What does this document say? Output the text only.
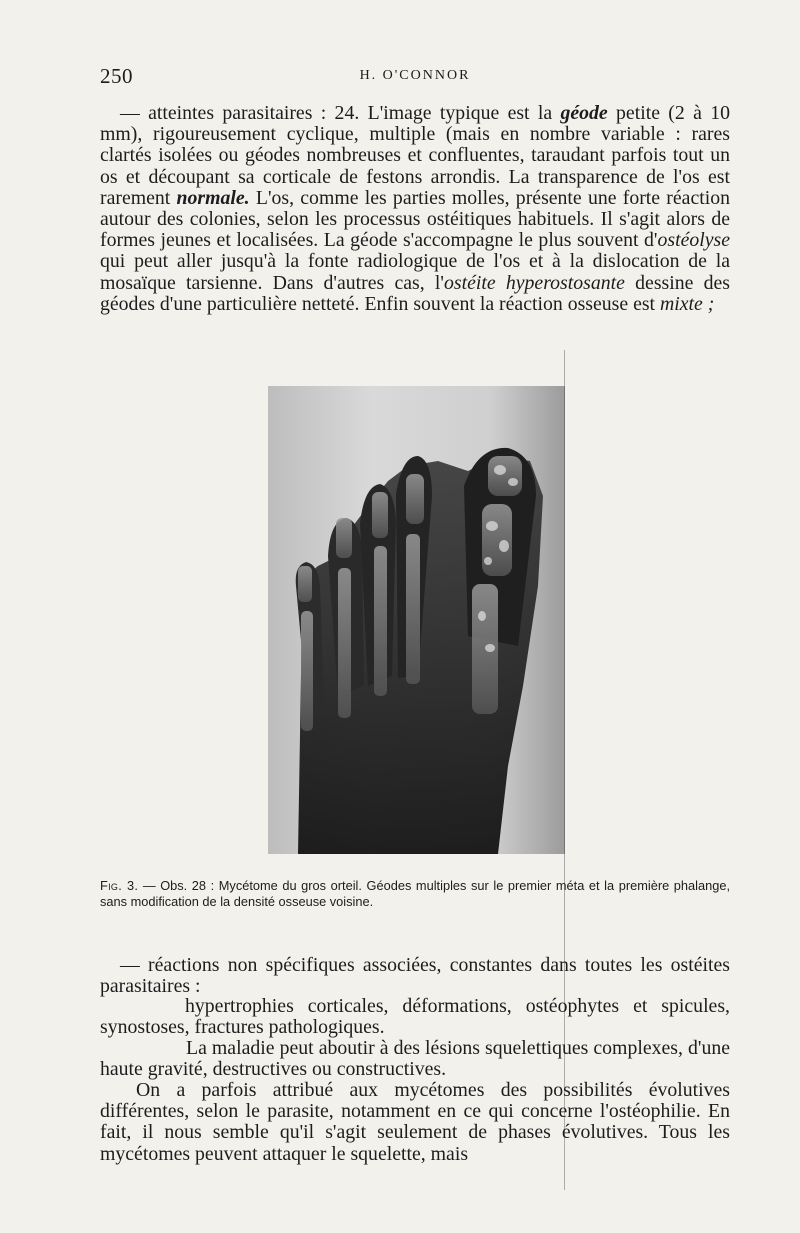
250	H. O'CONNOR

— atteintes parasitaires : 24. L'image typique est la géode petite (2 à 10 mm), rigoureusement cyclique, multiple (mais en nombre variable : rares clartés isolées ou géodes nombreuses et confluentes, taraudant parfois tout un os et découpant sa corticale de festons arrondis. La transparence de l'os est rarement normale. L'os, comme les parties molles, présente une forte réaction autour des colonies, selon les processus ostéitiques habituels. Il s'agit alors de formes jeunes et localisées. La géode s'accompagne le plus souvent d'ostéolyse qui peut aller jusqu'à la fonte radiologique de l'os et à la dislocation de la mosaïque tarsienne. Dans d'autres cas, l'ostéite hyperostosante dessine des géodes d'une particulière netteté. Enfin souvent la réaction osseuse est mixte ;

Fig. 3. — Obs. 28 : Mycétome du gros orteil. Géodes multiples sur le premier méta et la première phalange, sans modification de la densité osseuse voisine.

— réactions non spécifiques associées, constantes dans toutes les ostéites parasitaires :

hypertrophies corticales, déformations, ostéophytes et spicules, synostoses, fractures pathologiques.

La maladie peut aboutir à des lésions squelettiques complexes, d'une haute gravité, destructives ou constructives.

On a parfois attribué aux mycétomes des possibilités évolutives différentes, selon le parasite, notamment en ce qui concerne l'ostéophilie. En fait, il nous semble qu'il s'agit seulement de phases évolutives. Tous les mycétomes peuvent attaquer le squelette, mais
